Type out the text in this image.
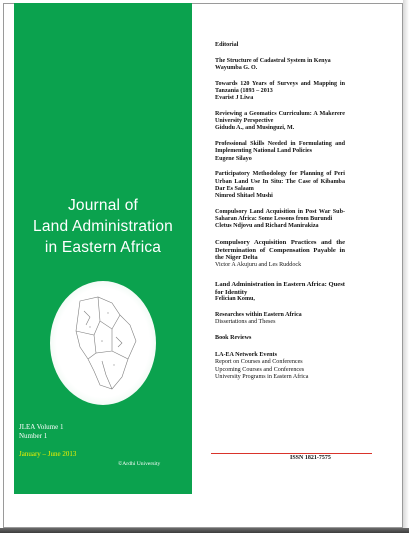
Journal of
Land Administration
in Eastern Africa
JLEA Volume 1
Number 1
January – June 2013
©Ardhi University
Editorial
The Structure of Cadastral System in Kenya
Wayumba G. O.
Towards 120 Years of Surveys and Mapping in Tanzania (1893 – 2013
Evarist J Liwa
Reviewing a Geomatics Curriculum: A Makerere University Perspective
Gidudu A., and Musinguzi, M.
Professional Skills Needed in Formulating and Implementing National Land Policies
Eugene Silayo
Participatory Methodology for Planning of Peri Urban Land Use In Situ: The Case of Kibamba Dar Es Salaam
Nimrod Shitael Mushi
Compulsory Land Acquisition in Post War Sub-Saharan Africa: Some Lessons from Burundi
Cletus Ndjovu and Richard Manirakiza
Compulsory Acquisition Practices and the Determination of Compensation Payable in the Niger Delta
Victor A Akujuru and Les Ruddock
Land Administration in Eastern Africa: Quest for Identity
Felician Komu,
Researches within Eastern Africa
Dissertations and Theses
Book Reviews
LA-EA Network Events
Report on Courses and Conferences
Upcoming Courses and Conferences
University Programs in Eastern Africa
ISSN 1821-7575
